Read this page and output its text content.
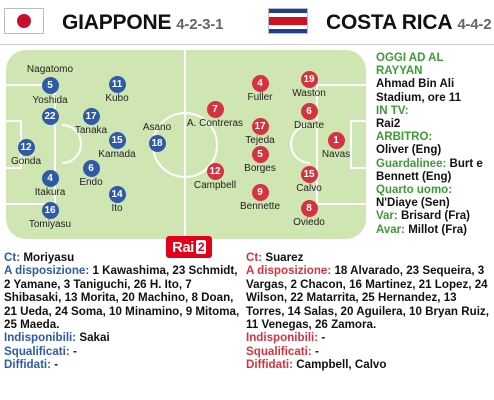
GIAPPONE 4-2-3-1	COSTA RICA 4-4-2
12
Gonda
Nagatomo
5
Yoshida
22
4
Itakura
16
Tomiyasu
17
Tanaka
6
Endo
11
Kubo
15
Kamada
14
Ito
Asano
18	1
Navas
19
Waston
6
Duarte
15
Calvo
8
Oviedo
4
Fuller
17
Tejeda
5
Borges
9
Bennette
7
A. Contreras
12
Campbell
OGGI AD AL RAYYAN
Ahmad Bin Ali Stadium, ore 11
IN TV:
Rai2
ARBITRO:
Oliver (Eng)
Guardalinee: Burt e
Bennett (Eng)
Quarto uomo:
N'Diaye (Sen)
Var: Brisard (Fra)
Avar: Millot (Fra)
Rai 2
Ct: Moriyasu
A disposizione: 1 Kawashima, 23 Schmidt, 2 Yamane, 3 Taniguchi, 26 H. Ito, 7 Shibasaki, 13 Morita, 20 Machino, 8 Doan, 21 Ueda, 24 Soma, 10 Minamino, 9 Mitoma, 25 Maeda.
Indisponibili: Sakai
Squalificati: -
Diffidati: -
Ct: Suarez
A disposizione: 18 Alvarado, 23 Sequeira, 3 Vargas, 2 Chacon, 16 Martinez, 21 Lopez, 24 Wilson, 22 Matarrita, 25 Hernandez, 13 Torres, 14 Salas, 20 Aguilera, 10 Bryan Ruiz, 11 Venegas, 26 Zamora.
Indisponibili: -
Squalificati: -
Diffidati: Campbell, Calvo
